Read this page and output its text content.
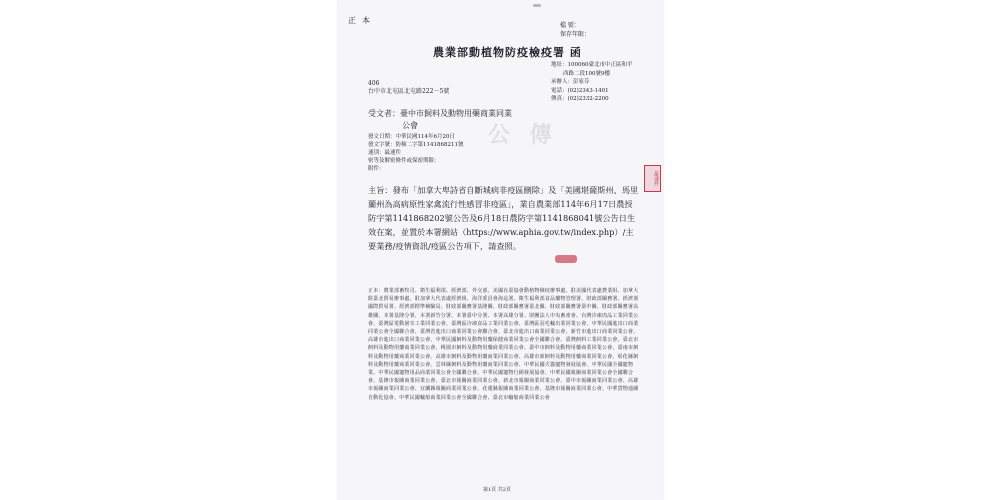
公 傳
正本
檔 號：
保存年限：
農業部動植物防疫檢疫署 函
地址：100060臺北市中正區和平
西路二段100號9樓
承辦人：彭家芬
電話：(02)2343-1401
傳真：(02)2332-2200
406
台中市北屯區北屯路222－5號
受文者：臺中市飼料及動物用藥商業同業
公會
發文日期：中華民國114年6月20日
發文字號：防檢二字第1141868211號
速別：最速件
密等及解密條件或保密期限：
附件：
最速件
主旨：發布「加拿大卑詩省自斷城病非疫區刪除」及「美國堪薩斯州、馬里蘭州為高病原性家禽流行性感冒非疫區」，業自農業部114年6月17日農授防字第1141868202號公告及6月18日農防字第1141868041號公告日生效在案，並置於本署網站（https://www.aphia.gov.tw/index.php）/主要業務/疫情資訊/疫區公告項下，請查照。
正本：農業部畜牧司、衛生福利部、經濟部、外交部、美國在臺協會動植物檢疫辦事處、駐美國代表處農業組、加拿大駐臺北貿易辦事處、駐加拿大代表處經濟組、海洋委員會海巡署、衛生福利部食品藥物管理署、財政部關務署、經濟部國際貿易署、經濟部標準檢驗局、財政部關務署基隆關、財政部關務署臺北關、財政部關務署臺中關、財政部關務署高雄關、本署基隆分署、本署新竹分署、本署臺中分署、本署高雄分署、財團法人中央畜產會、台灣冷凍肉品工業同業公會、臺灣區電動屠宰工業同業公會、臺灣區冷凍食品工業同業公會、臺灣區羽毛輸出業同業公會、中華民國進出口商業同業公會全國聯合會、臺灣省進出口商業同業公會聯合會、臺北市進出口商業同業公會、新竹市進出口商業同業公會、高雄市進出口商業同業公會、中華民國飼料及動物用藥保健商業同業公會全國聯合會、臺灣飼料工業同業公會、臺北市飼料及動物用藥商業同業公會、桃園市飼料及動物用藥商業同業公會、臺中市飼料及動物用藥商業同業公會、臺南市飼料及動物用藥商業同業公會、高雄市飼料及動物用藥商業同業公會、高雄市新飼料及動物用藥商業同業公會、彰化縣飼料及動物用藥商業同業公會、雲林縣飼料及動物用藥商業同業公會、中華民國犬貓寵物發展協會、中華民國全國寵物業、中華民國寵物用品商業同業公會全國聯合會、中華民國寵物行銷發展協會、中華民國報關商業同業公會全國聯合會、基隆市報關商業同業公會、臺北市報關商業同業公會、新北市報關商業同業公會、臺中市報關商業同業公會、高雄市報關商業同業公會、宜蘭縣報關商業同業公會、花蓮縣報關商業同業公會、基隆市報關商業同業公會、中華貨物通關自動化協會、中華民國輸船商業同業公會全國聯合會、臺北市輸船商業同業公會
第1頁 共2頁
